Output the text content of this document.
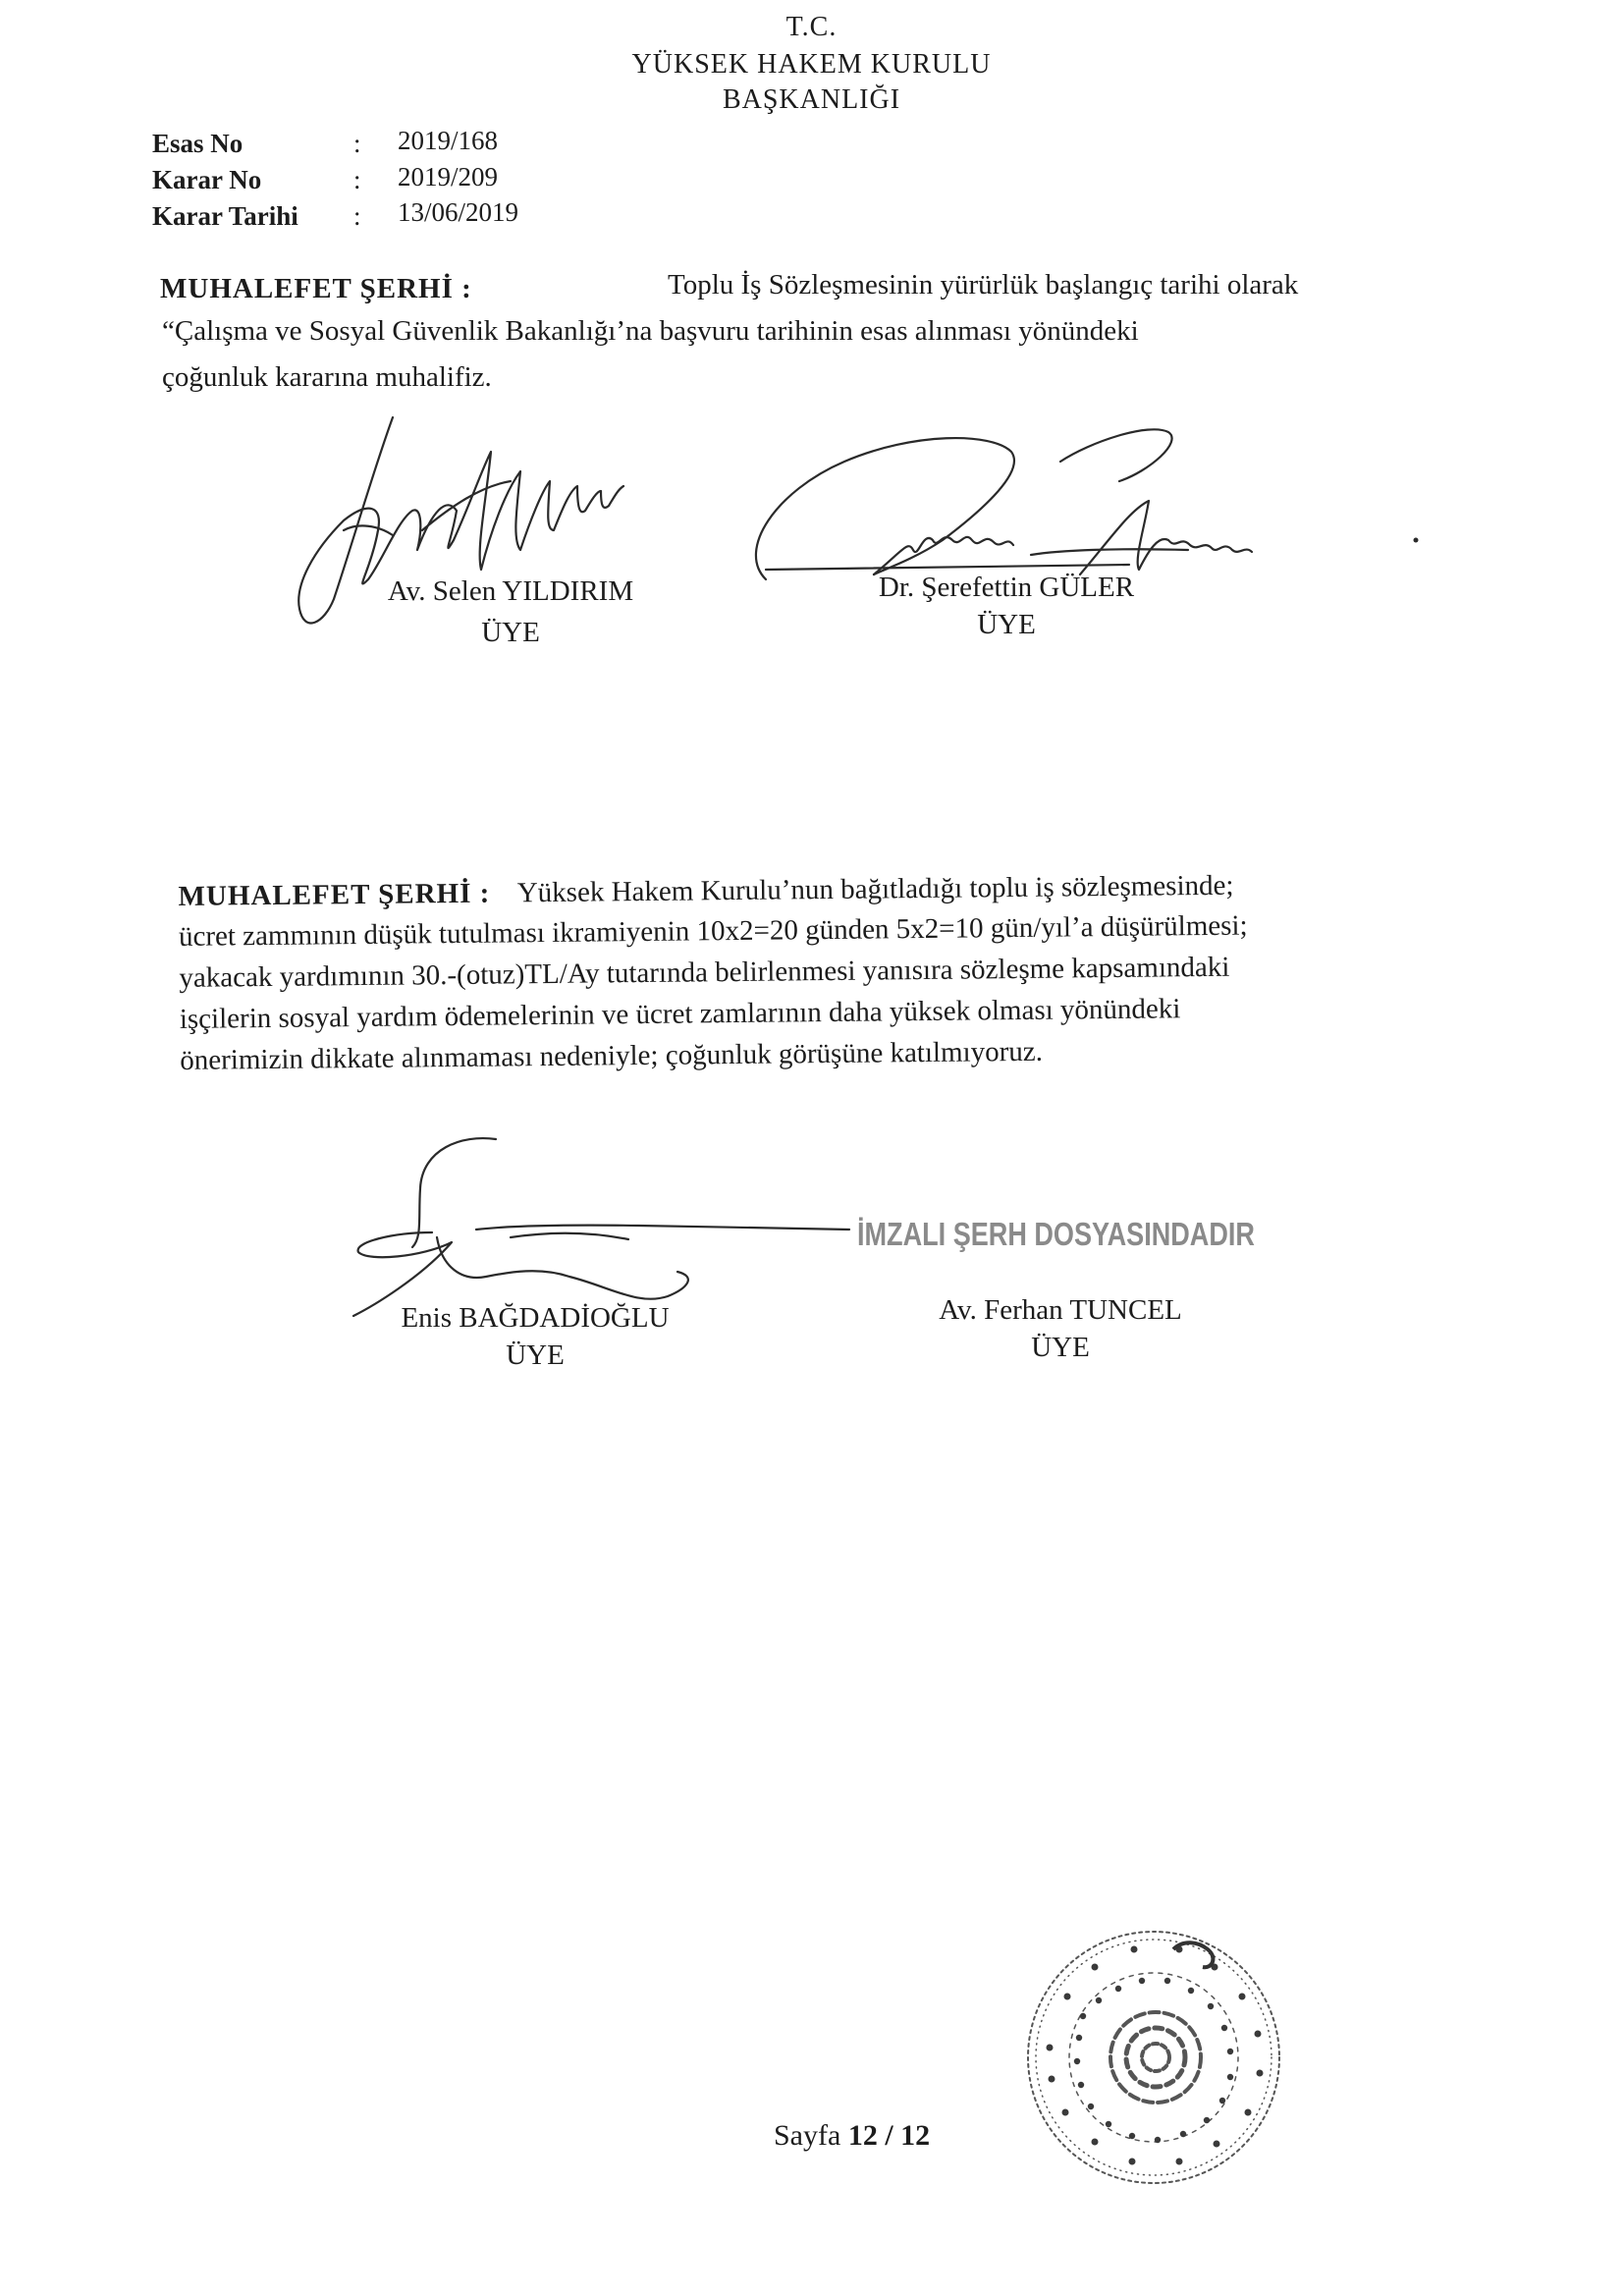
T.C.
YÜKSEK HAKEM KURULU
BAŞKANLIĞI
Esas No	: 2019/168
Karar No	: 2019/209
Karar Tarihi : 13/06/2019
MUHALEFET ŞERHİ :	Toplu İş Sözleşmesinin yürürlük başlangıç tarihi olarak
“Çalışma ve Sosyal Güvenlik Bakanlığı’na başvuru tarihinin esas alınması yönündeki
çoğunluk kararına muhalifiz.
Av. Selen YILDIRIM
ÜYE
Dr. Şerefettin GÜLER
ÜYE
MUHALEFET ŞERHİ : Yüksek Hakem Kurulu’nun bağıtladığı toplu iş sözleşmesinde;
ücret zammının düşük tutulması ikramiyenin 10x2=20 günden 5x2=10 gün/yıl’a düşürülmesi;
yakacak yardımının 30.-(otuz)TL/Ay tutarında belirlenmesi yanısıra sözleşme kapsamındaki
işçilerin sosyal yardım ödemelerinin ve ücret zamlarının daha yüksek olması yönündeki
önerimizin dikkate alınmaması nedeniyle; çoğunluk görüşüne katılmıyoruz.
İMZALI ŞERH DOSYASINDADIR
Enis BAĞDADİOĞLU
ÜYE
Av. Ferhan TUNCEL
ÜYE
Sayfa 12 / 12
